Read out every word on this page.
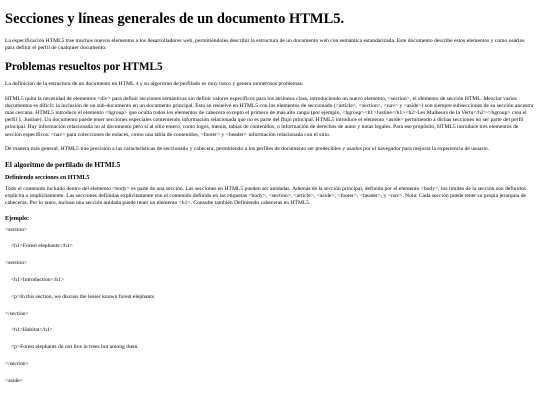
Secciones y líneas generales de un documento HTML5.

La especificación HTML5 trae muchos nuevos elementos a los desarrolladores web, permitiéndoles describir la estructura de un documento web con semántica estandarizada. Este documento describe estos elementos y cómo usarlos para definir el perfil de cualquier documento.

Problemas resueltos por HTML5

La definición de la estructura de un documento en HTML 4 y su algoritmo de perfilado es muy tosco y genera numerosos problemas:

HTML5 quita la necesidad de elementos <div> para definir secciones semánticas sin definir valores específicos para los atributos class, introduciendo un nuevo elemento, <section>, el elemento de sección HTML. Mezclar varios documentos es difícil: la inclusión de un sub-documento en un documento principal. Esto se resuelve en HTML5 con los elementos de seccionado (<article>, <section>, <nav> y <aside>) son siempre subsecciones de su sección ancestra más cercana. HTML5 introduce el elemento <hgroup> que oculta todos los elementos de cabecera excepto el primero de más alto rango (por ejemplo, <hgroup><h1>Justine</h1><h2>Les Malheurs de la Vertu</h2></hgroup> crea el perfil 1. Justine). Un documento puede tener secciones especiales conteniendo información relacionada que no es parte del flujo principal. HTML5 introduce el elemento <aside> permitiendo a dichas secciones no ser parte del perfil principal. Hay información relacionada no al documento pero sí al sitio entero, como logos, menús, tablas de contenidos, o información de derechos de autor y notas legales. Para ese propósito, HTML5 introduce tres elementos de sección específicos: <nav> para colecciones de enlaces, como una tabla de contenidos, <footer> y <header> información relacionada con el sitio.

De manera más general, HTML5 trae precisión a las características de seccionado y cabecera, permitiendo a los perfiles de documento ser predecibles y usados por el navegador para mejorar la experiencia de usuario.

El algoritmo de perfilado de HTML5
Definiendo secciones en HTML5

Todo el contenido incluido dentro del elemento <body> es parte de una sección. Las secciones en HTML5 pueden ser anidadas. Además de la sección principal, definida por el elemento <body>, los límites de la sección son definidos explícita o implícitamente. Las secciones definidas explícitamente son el contenido definido en las etiquetas <body>, <section>, <article>, <aside>, <footer>, <header>, y <nav>. Nota: Cada sección puede tener su propia jerarquía de cabeceras. Por lo tanto, incluso una sección anidada puede tener un elemento <h1>. Consulte también Definiendo cabeceras en HTML5.

Ejemplo:

<section>

<h1>Forest elephants</h1>

<section>

<h1>Introduction</h1>

<p>In this section, we discuss the lesser known forest elephants

</section>

<h1>Habitat</h1>

<p>Forest elephants do not live in trees but among them.

</section>

<aside>
